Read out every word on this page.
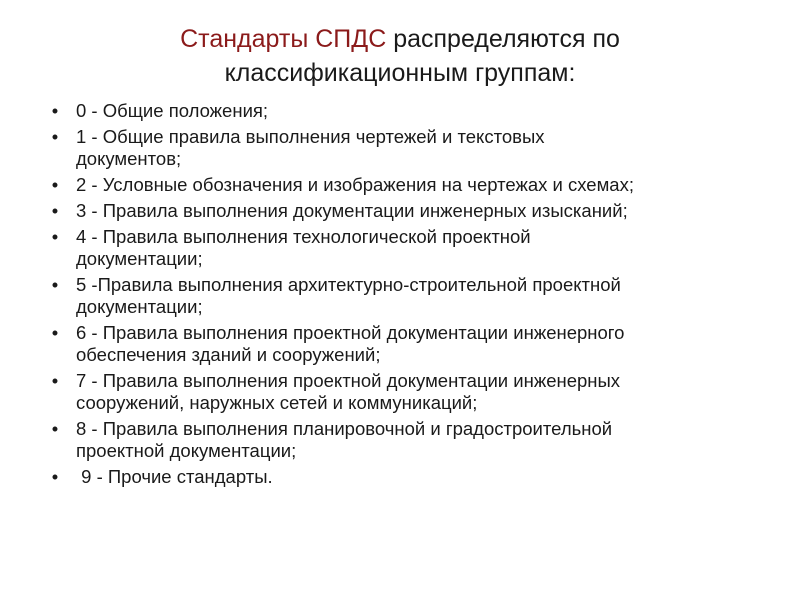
Стандарты СПДС распределяются по
классификационным группам:
• 0 - Общие положения;
• 1 - Общие правила выполнения чертежей и текстовых
документов;
• 2 - Условные обозначения и изображения на чертежах и схемах;
• 3 - Правила выполнения документации инженерных изысканий;
• 4 - Правила выполнения технологической проектной
документации;
• 5 -Правила выполнения архитектурно-строительной проектной
документации;
• 6 - Правила выполнения проектной документации инженерного
обеспечения зданий и сооружений;
• 7 - Правила выполнения проектной документации инженерных
сооружений, наружных сетей и коммуникаций;
• 8 - Правила выполнения планировочной и градостроительной
проектной документации;
• 9 - Прочие стандарты.
